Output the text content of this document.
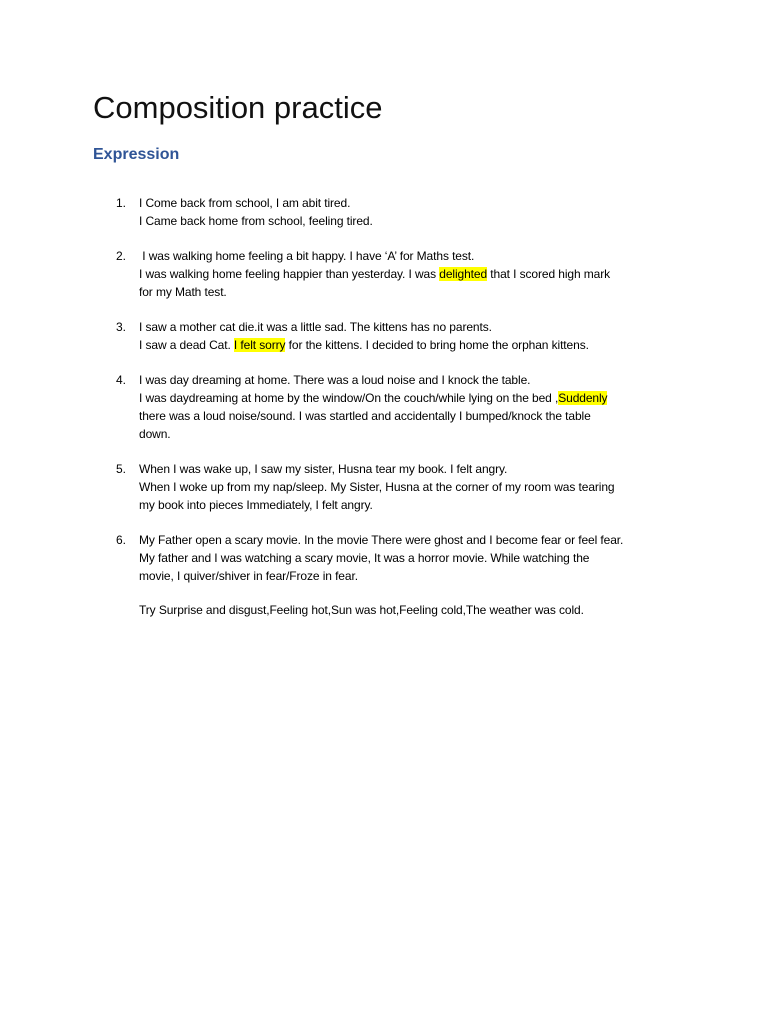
Composition practice
Expression
1. I Come back from school, I am abit tired.
I Came back home from school, feeling tired.
2. I was walking home feeling a bit happy. I have ‘A’ for Maths test.
I was walking home feeling happier than yesterday. I was delighted that I scored high mark
for my Math test.
3. I saw a mother cat die.it was a little sad. The kittens has no parents.
I saw a dead Cat. I felt sorry for the kittens. I decided to bring home the orphan kittens.
4. I was day dreaming at home. There was a loud noise and I knock the table.
I was daydreaming at home by the window/On the couch/while lying on the bed ,Suddenly
there was a loud noise/sound. I was startled and accidentally I bumped/knock the table
down.
5. When I was wake up, I saw my sister, Husna tear my book. I felt angry.
When I woke up from my nap/sleep. My Sister, Husna at the corner of my room was tearing
my book into pieces Immediately, I felt angry.
6. My Father open a scary movie. In the movie There were ghost and I become fear or feel fear.
My father and I was watching a scary movie, It was a horror movie. While watching the
movie, I quiver/shiver in fear/Froze in fear.
Try Surprise and disgust,Feeling hot,Sun was hot,Feeling cold,The weather was cold.
